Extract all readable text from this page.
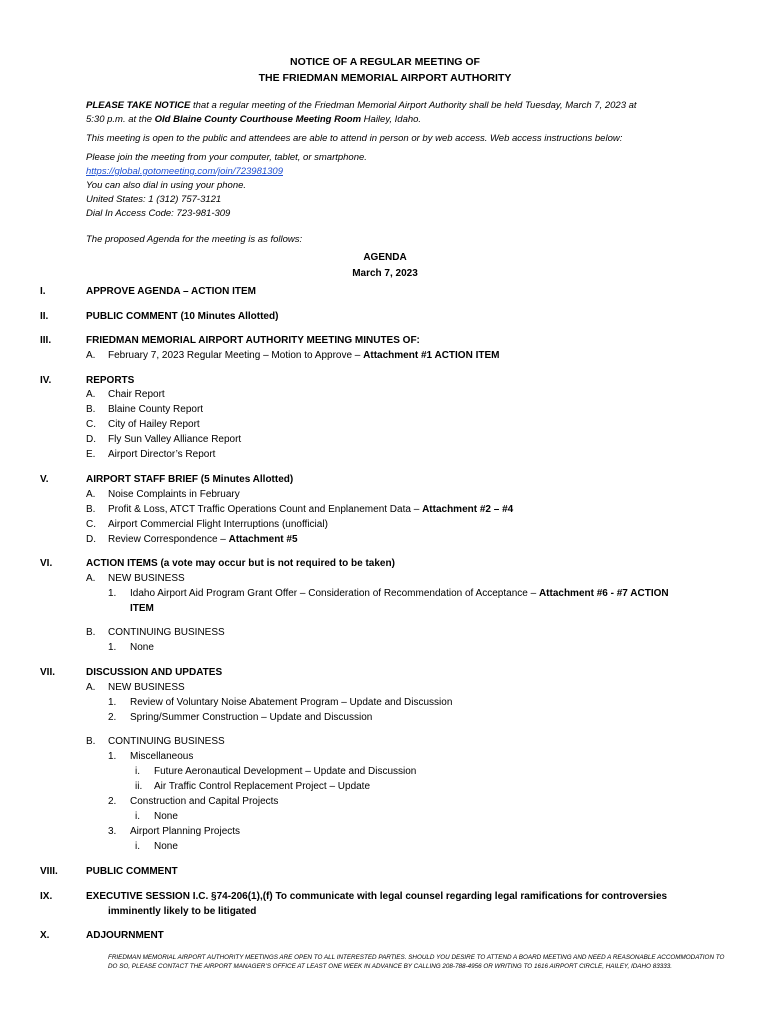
NOTICE OF A REGULAR MEETING OF
THE FRIEDMAN MEMORIAL AIRPORT AUTHORITY
PLEASE TAKE NOTICE that a regular meeting of the Friedman Memorial Airport Authority shall be held Tuesday, March 7, 2023 at
5:30 p.m. at the Old Blaine County Courthouse Meeting Room Hailey, Idaho.
This meeting is open to the public and attendees are able to attend in person or by web access. Web access instructions below:
Please join the meeting from your computer, tablet, or smartphone.
https://global.gotomeeting.com/join/723981309
You can also dial in using your phone.
United States: 1 (312) 757-3121
Dial In Access Code: 723-981-309
The proposed Agenda for the meeting is as follows:
AGENDA
March 7, 2023
I.	APPROVE AGENDA – ACTION ITEM
II.	PUBLIC COMMENT (10 Minutes Allotted)
III.	FRIEDMAN MEMORIAL AIRPORT AUTHORITY MEETING MINUTES OF:
A. February 7, 2023 Regular Meeting – Motion to Approve – Attachment #1 ACTION ITEM
IV.	REPORTS
A. Chair Report
B. Blaine County Report
C. City of Hailey Report
D. Fly Sun Valley Alliance Report
E. Airport Director’s Report
V.	AIRPORT STAFF BRIEF (5 Minutes Allotted)
A. Noise Complaints in February
B. Profit & Loss, ATCT Traffic Operations Count and Enplanement Data – Attachment #2 – #4
C. Airport Commercial Flight Interruptions (unofficial)
D. Review Correspondence – Attachment #5
VI.	ACTION ITEMS (a vote may occur but is not required to be taken)
A. NEW BUSINESS
1. Idaho Airport Aid Program Grant Offer – Consideration of Recommendation of Acceptance – Attachment #6 - #7 ACTION
ITEM
B. CONTINUING BUSINESS
1. None
VII.	DISCUSSION AND UPDATES
A. NEW BUSINESS
1. Review of Voluntary Noise Abatement Program – Update and Discussion
2. Spring/Summer Construction – Update and Discussion
B. CONTINUING BUSINESS
1. Miscellaneous
i. Future Aeronautical Development – Update and Discussion
ii. Air Traffic Control Replacement Project – Update
2. Construction and Capital Projects
i. None
3. Airport Planning Projects
i. None
VIII.	PUBLIC COMMENT
IX.	EXECUTIVE SESSION I.C. §74-206(1),(f) To communicate with legal counsel regarding legal ramifications for controversies
imminently likely to be litigated
X.	ADJOURNMENT
FRIEDMAN MEMORIAL AIRPORT AUTHORITY MEETINGS ARE OPEN TO ALL INTERESTED PARTIES. SHOULD YOU DESIRE TO ATTEND A BOARD MEETING AND NEED A REASONABLE ACCOMMODATION TO
DO SO, PLEASE CONTACT THE AIRPORT MANAGER’S OFFICE AT LEAST ONE WEEK IN ADVANCE BY CALLING 208-788-4956 OR WRITING TO 1616 AIRPORT CIRCLE, HAILEY, IDAHO 83333.
